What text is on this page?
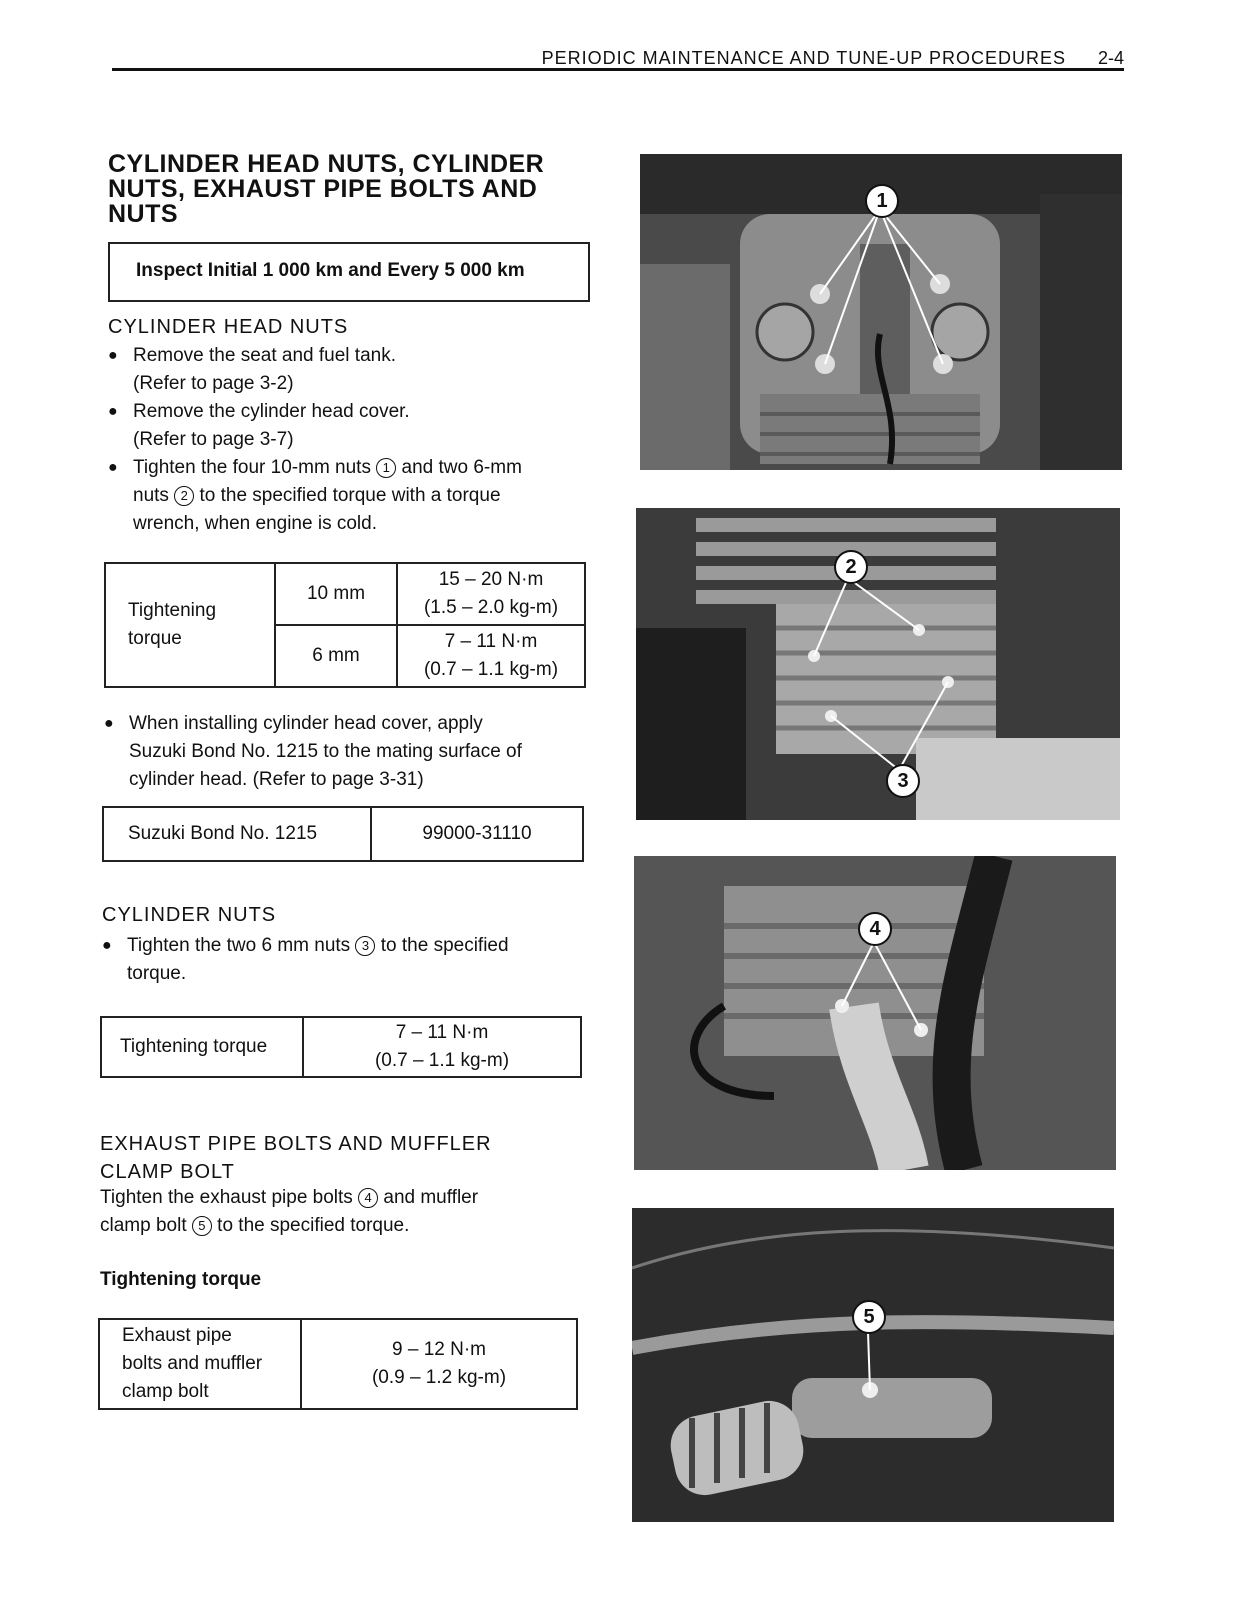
PERIODIC MAINTENANCE AND TUNE-UP PROCEDURES 2-4
CYLINDER HEAD NUTS, CYLINDER
NUTS, EXHAUST PIPE BOLTS AND
NUTS
Inspect Initial 1 000 km and Every 5 000 km
CYLINDER HEAD NUTS
● Remove the seat and fuel tank.
(Refer to page 3-2)
● Remove the cylinder head cover.
(Refer to page 3-7)
● Tighten the four 10-mm nuts 1 and two 6-mm
nuts 2 to the specified torque with a torque
wrench, when engine is cold.
Tightening
torque	10 mm	15 – 20 N·m
(1.5 – 2.0 kg-m)
	6 mm	7 – 11 N·m
(0.7 – 1.1 kg-m)
● When installing cylinder head cover, apply
Suzuki Bond No. 1215 to the mating surface of
cylinder head. (Refer to page 3-31)
Suzuki Bond No. 1215	99000-31110
CYLINDER NUTS
● Tighten the two 6 mm nuts 3 to the specified
torque.
Tightening torque	7 – 11 N·m
(0.7 – 1.1 kg-m)
EXHAUST PIPE BOLTS AND MUFFLER
CLAMP BOLT
Tighten the exhaust pipe bolts 4 and muffler
clamp bolt 5 to the specified torque.
Tightening torque
Exhaust pipe
bolts and muffler
clamp bolt	9 – 12 N·m
(0.9 – 1.2 kg-m)
1
2
3
4
5
